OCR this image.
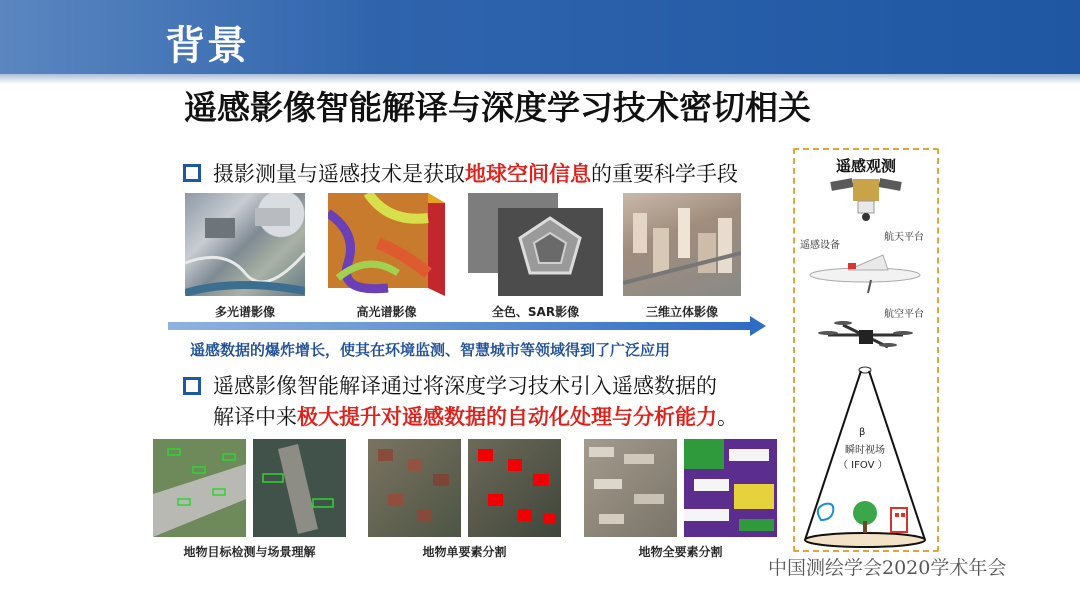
背景
遥感影像智能解译与深度学习技术密切相关
摄影测量与遥感技术是获取地球空间信息的重要科学手段
多光谱影像	高光谱影像	全色、SAR影像	三维立体影像
遥感数据的爆炸增长，使其在环境监测、智慧城市等领域得到了广泛应用
遥感影像智能解译通过将深度学习技术引入遥感数据的
解译中来极大提升对遥感数据的自动化处理与分析能力。
地物目标检测与场景理解	地物单要素分割	地物全要素分割
遥感观测
遥感设备
航天平台
航空平台
β
瞬时视场
（ IFOV ）
中国测绘学会2020学术年会
